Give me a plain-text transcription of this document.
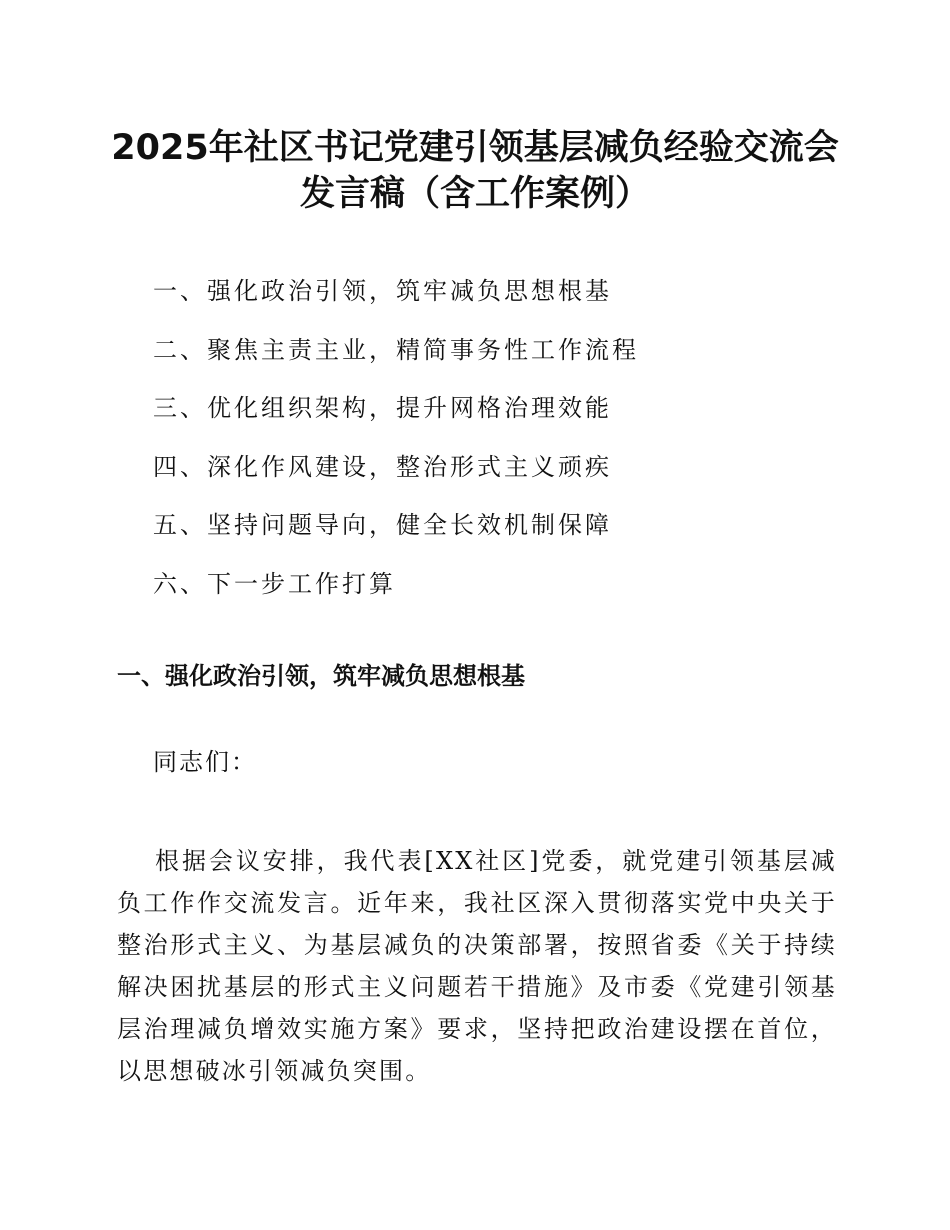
2025年社区书记党建引领基层减负经验交流会
发言稿（含工作案例）
一、强化政治引领，筑牢减负思想根基
二、聚焦主责主业，精简事务性工作流程
三、优化组织架构，提升网格治理效能
四、深化作风建设，整治形式主义顽疾
五、坚持问题导向，健全长效机制保障
六、下一步工作打算
一、强化政治引领，筑牢减负思想根基
同志们：

根据会议安排，我代表[XX社区]党委，就党建引领基层减负工作作交流发言。近年来，我社区深入贯彻落实党中央关于整治形式主义、为基层减负的决策部署，按照省委《关于持续解决困扰基层的形式主义问题若干措施》及市委《党建引领基层治理减负增效实施方案》要求，坚持把政治建设摆在首位，以思想破冰引领减负突围。
